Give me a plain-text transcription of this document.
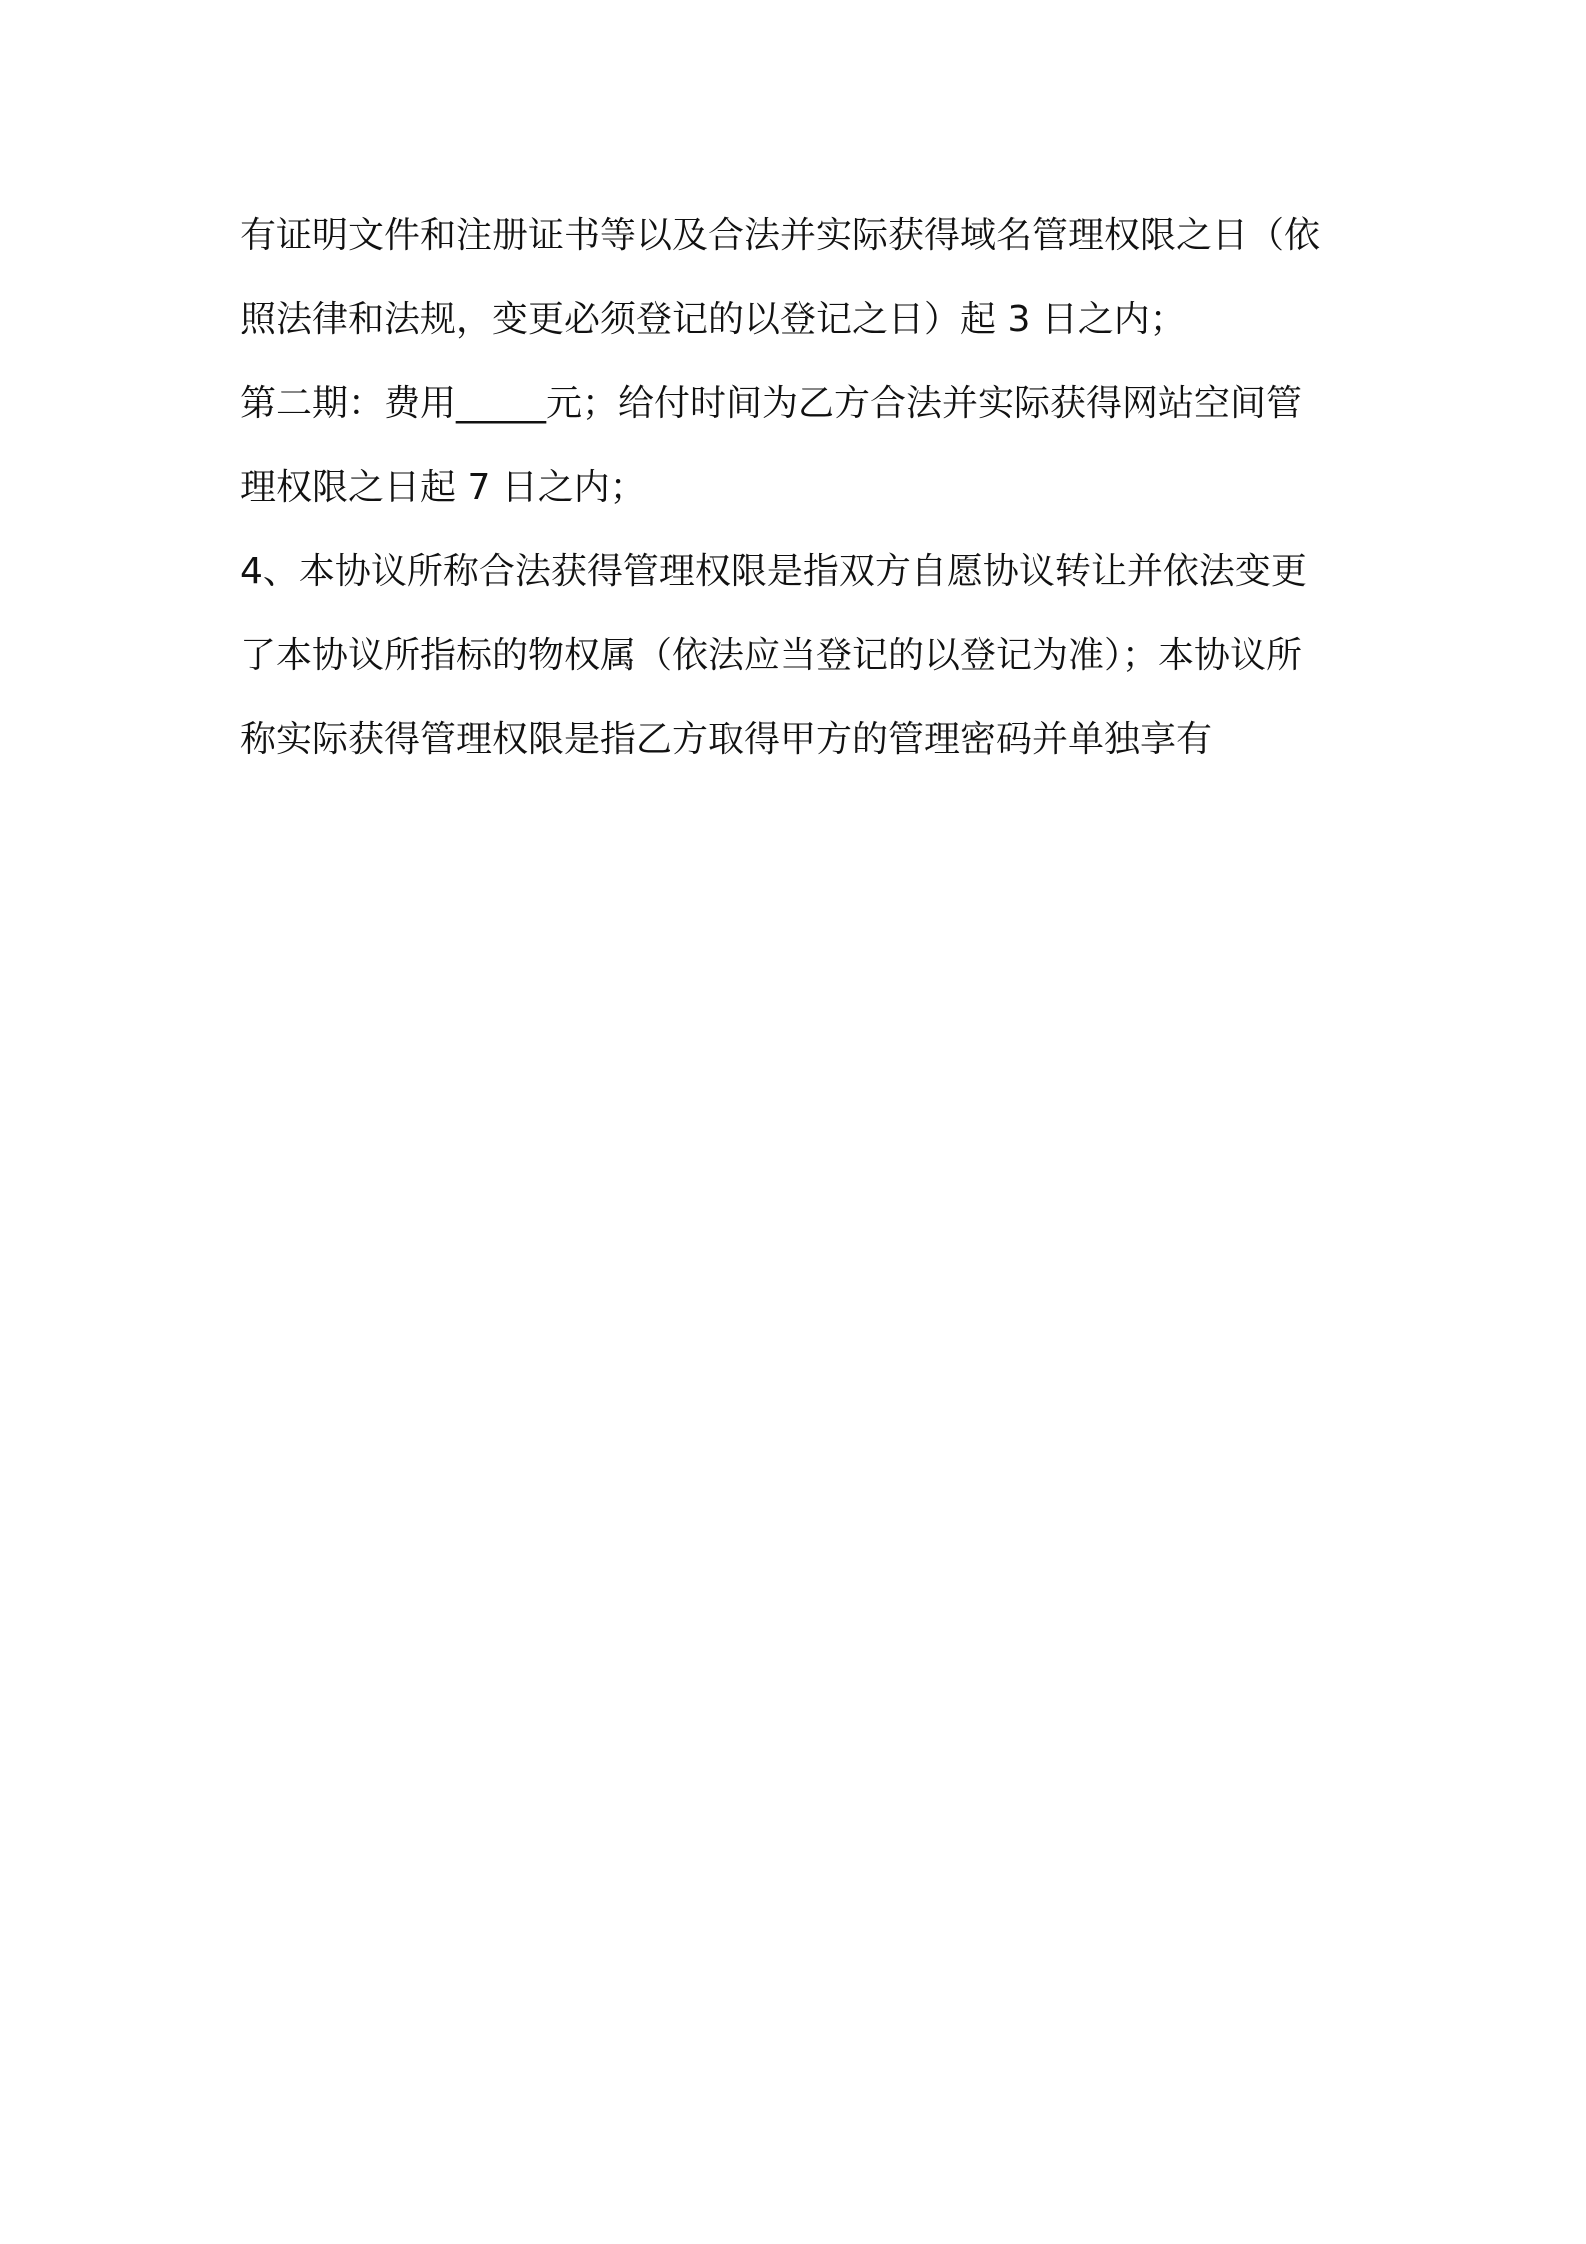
有证明文件和注册证书等以及合法并实际获得域名管理权限之日（依
照法律和法规，变更必须登记的以登记之日）起 3 日之内；
第二期：费用_____元；给付时间为乙方合法并实际获得网站空间管
理权限之日起 7 日之内；
4、本协议所称合法获得管理权限是指双方自愿协议转让并依法变更
了本协议所指标的物权属（依法应当登记的以登记为准）；本协议所
称实际获得管理权限是指乙方取得甲方的管理密码并单独享有
